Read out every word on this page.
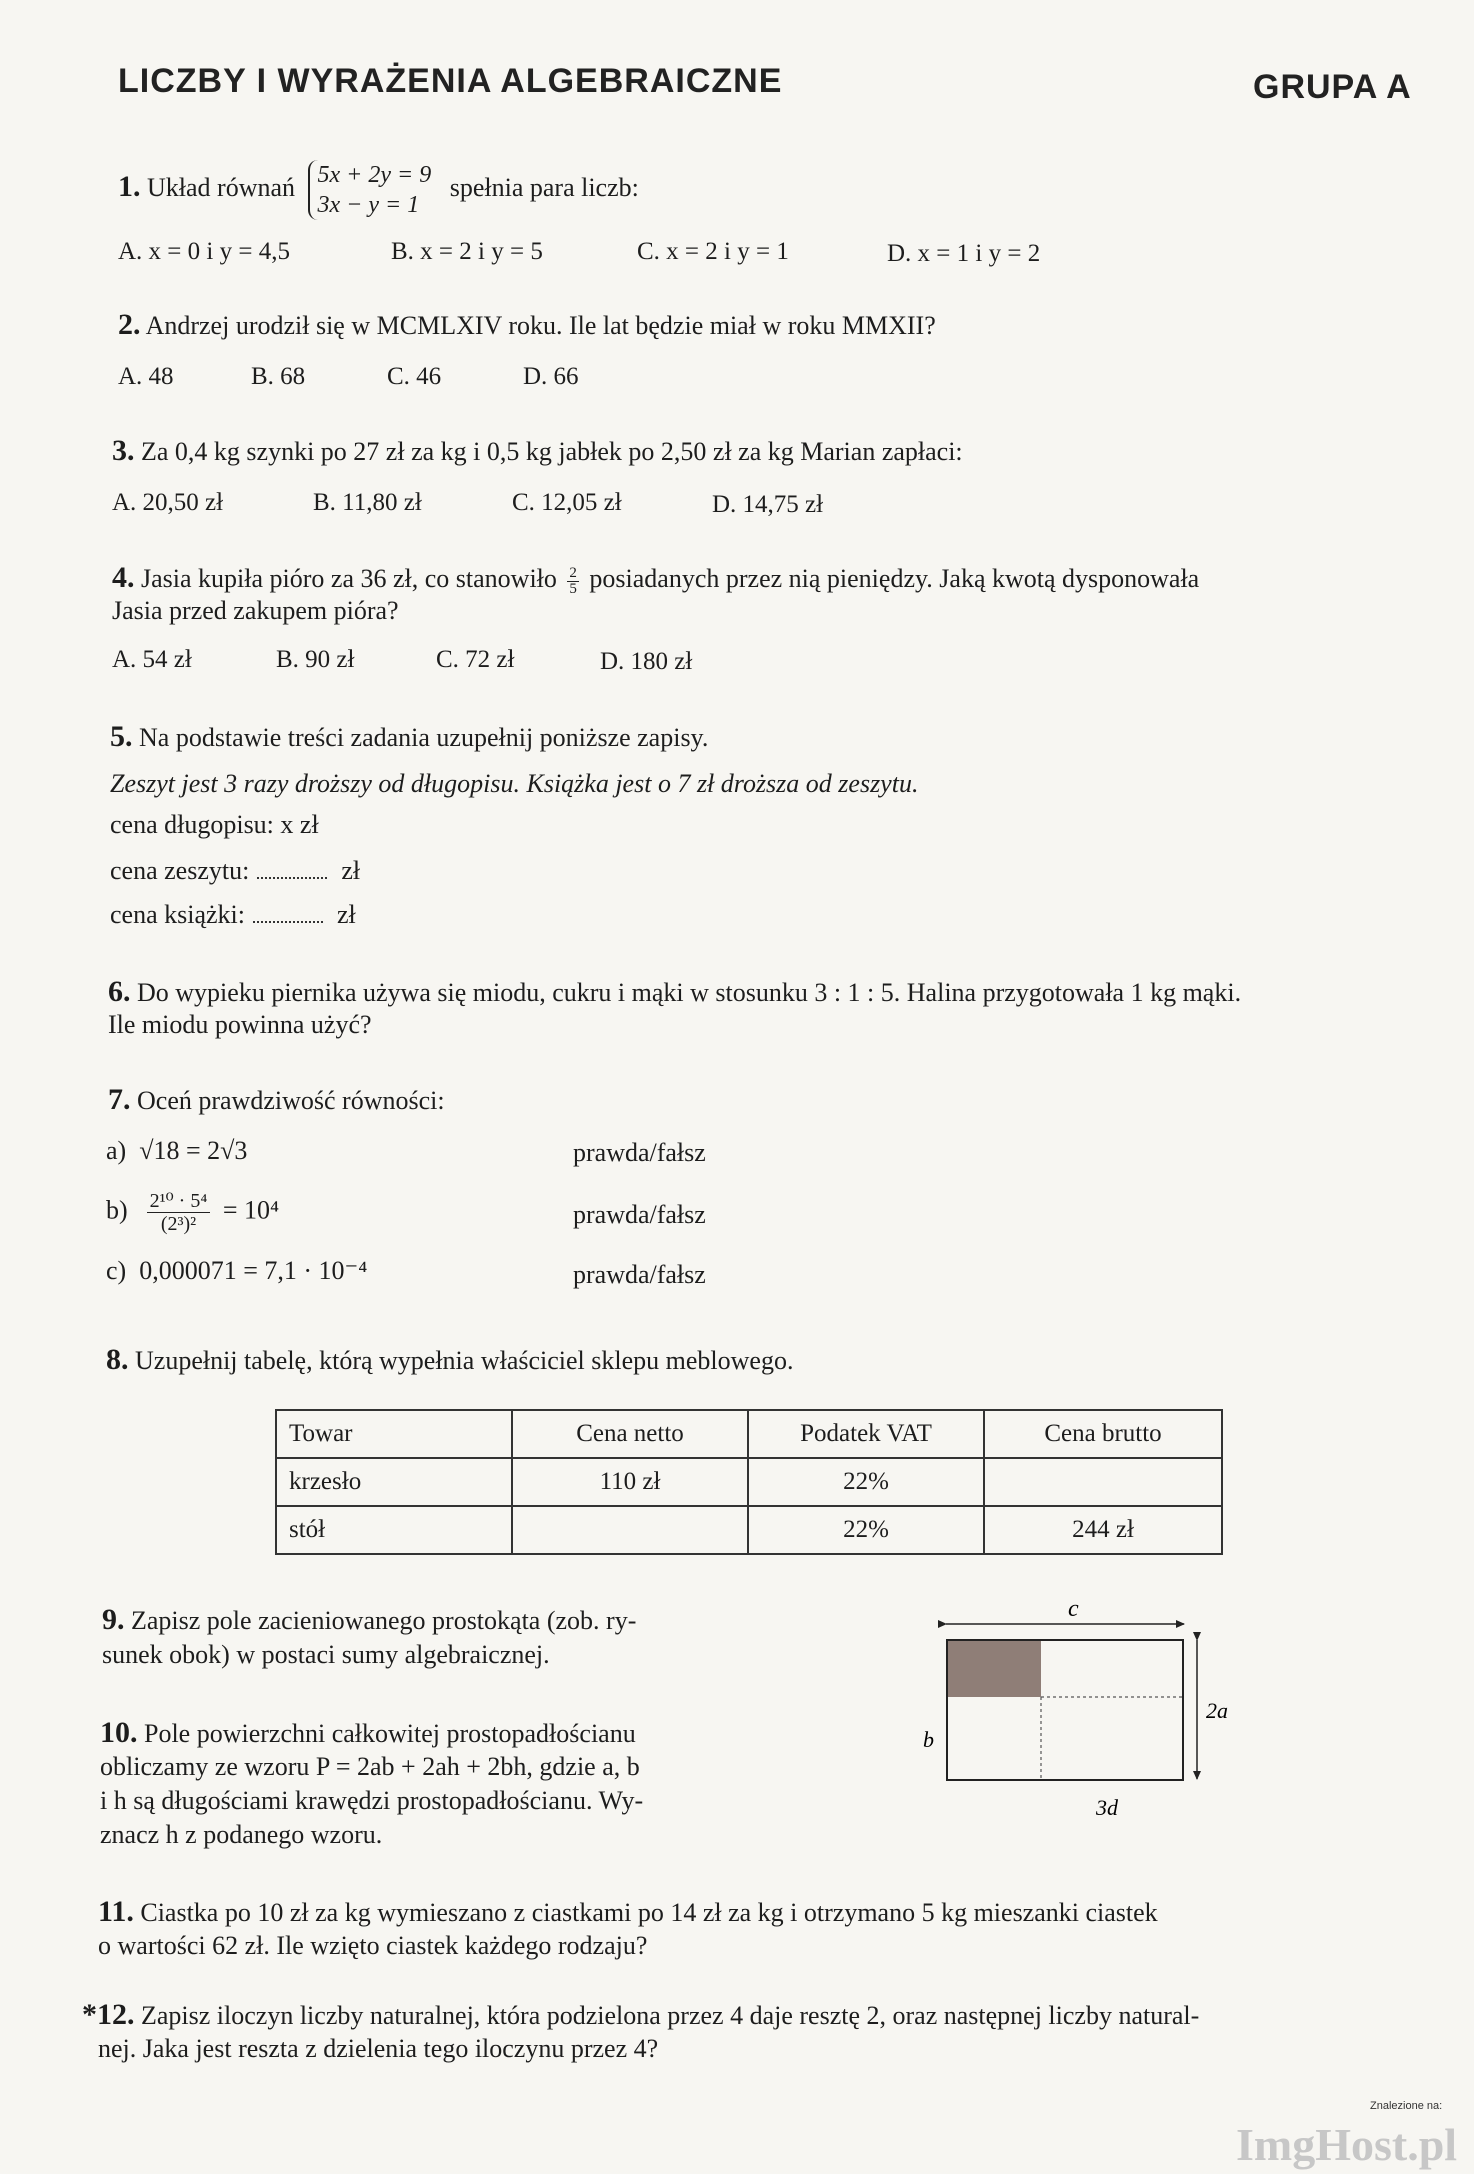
LICZBY I WYRAŻENIA ALGEBRAICZNE	GRUPA A
1. Układ równań 5x + 2y = 9
3x − y = 1
spełnia para liczb:
A. x = 0 i y = 4,5	B. x = 2 i y = 5	C. x = 2 i y = 1	D. x = 1 i y = 2
2. Andrzej urodził się w MCMLXIV roku. Ile lat będzie miał w roku MMXII?
A. 48	B. 68	C. 46	D. 66
3. Za 0,4 kg szynki po 27 zł za kg i 0,5 kg jabłek po 2,50 zł za kg Marian zapłaci:
A. 20,50 zł	B. 11,80 zł	C. 12,05 zł	D. 14,75 zł
4. Jasia kupiła pióro za 36 zł, co stanowiło $\frac{2}{5}$ posiadanych przez nią pieniędzy. Jaką kwotą dysponowała
Jasia przed zakupem pióra?
A. 54 zł	B. 90 zł	C. 72 zł	D. 180 zł
5. Na podstawie treści zadania uzupełnij poniższe zapisy.
Zeszyt jest 3 razy droższy od długopisu. Książka jest o 7 zł droższa od zeszytu.
cena długopisu: x zł
cena zeszytu:	zł
cena książki:	zł
6. Do wypieku piernika używa się miodu, cukru i mąki w stosunku 3 : 1 : 5. Halina przygotowała 1 kg mąki.
Ile miodu powinna użyć?
7. Oceń prawdziwość równości:
a) √18 = 2√3	prawda/fałsz
$b) \frac{\text{2¹⁰ · 5⁴}}{\text{(2³)²}} = 10^4$	prawda/fałsz
c) 0,000071 = 7,1 · 10⁻⁴	prawda/fałsz
8. Uzupełnij tabelę, którą wypełnia właściciel sklepu meblowego.
Towar	Cena netto	Podatek VAT	Cena brutto
krzesło	110 zł	22%	
stół		22%	244 zł
9. Zapisz pole zacieniowanego prostokąta (zob. ry-
sunek obok) w postaci sumy algebraicznej.
c
2a
b
3d
10. Pole powierzchni całkowitej prostopadłościanu
obliczamy ze wzoru P = 2ab + 2ah + 2bh, gdzie a, b
i h są długościami krawędzi prostopadłościanu. Wy-
znacz h z podanego wzoru.
11. Ciastka po 10 zł za kg wymieszano z ciastkami po 14 zł za kg i otrzymano 5 kg mieszanki ciastek
o wartości 62 zł. Ile wzięto ciastek każdego rodzaju?
*12. Zapisz iloczyn liczby naturalnej, która podzielona przez 4 daje resztę 2, oraz następnej liczby natural-
nej. Jaka jest reszta z dzielenia tego iloczynu przez 4?
Znalezione na:
ImgHost.pl
